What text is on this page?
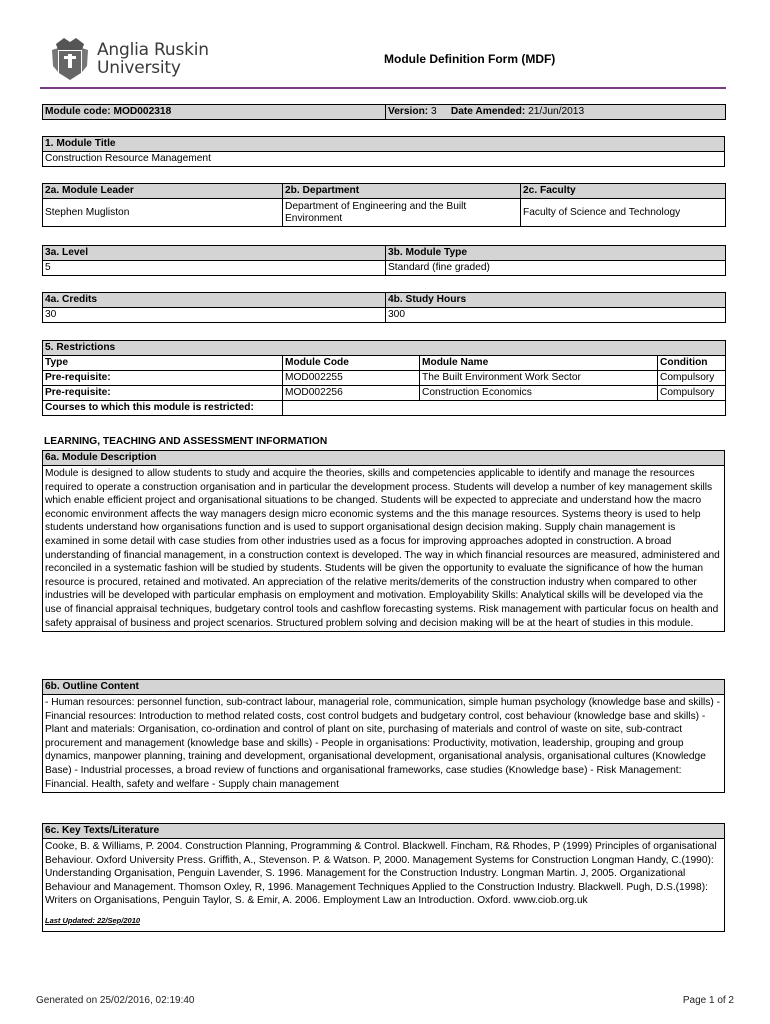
Anglia Ruskin
University	Module Definition Form (MDF)
Module code: MOD002318	Version: 3 Date Amended: 21/Jun/2013
1. Module Title
Construction Resource Management
2a. Module Leader	2b. Department	2c. Faculty
Stephen Mugliston	Department of Engineering and the Built Environment	Faculty of Science and Technology
3a. Level	3b. Module Type
5	Standard (fine graded)
4a. Credits	4b. Study Hours
30	300
5. Restrictions			
Type	Module Code	Module Name	Condition
Pre-requisite:	MOD002255	The Built Environment Work Sector	Compulsory
Pre-requisite:	MOD002256	Construction Economics	Compulsory
Courses to which this module is restricted:			
LEARNING, TEACHING AND ASSESSMENT INFORMATION
6a. Module Description
Module is designed to allow students to study and acquire the theories, skills and competencies applicable to identify and manage the resources required to operate a construction organisation and in particular the development process. Students will develop a number of key management skills which enable efficient project and organisational situations to be changed. Students will be expected to appreciate and understand how the macro economic environment affects the way managers design micro economic systems and the this manage resources. Systems theory is used to help students understand how organisations function and is used to support organisational design decision making. Supply chain management is examined in some detail with case studies from other industries used as a focus for improving approaches adopted in construction. A broad understanding of financial management, in a construction context is developed. The way in which financial resources are measured, administered and reconciled in a systematic fashion will be studied by students. Students will be given the opportunity to evaluate the significance of how the human resource is procured, retained and motivated. An appreciation of the relative merits/demerits of the construction industry when compared to other industries will be developed with particular emphasis on employment and motivation. Employability Skills: Analytical skills will be developed via the use of financial appraisal techniques, budgetary control tools and cashflow forecasting systems. Risk management with particular focus on health and safety appraisal of business and project scenarios. Structured problem solving and decision making will be at the heart of studies in this module.
6b. Outline Content
- Human resources: personnel function, sub-contract labour, managerial role, communication, simple human psychology (knowledge base and skills) - Financial resources: Introduction to method related costs, cost control budgets and budgetary control, cost behaviour (knowledge base and skills) - Plant and materials: Organisation, co-ordination and control of plant on site, purchasing of materials and control of waste on site, sub-contract procurement and management (knowledge base and skills) - People in organisations: Productivity, motivation, leadership, grouping and group dynamics, manpower planning, training and development, organisational development, organisational analysis, organisational cultures (Knowledge Base) - Industrial processes, a broad review of functions and organisational frameworks, case studies (Knowledge base) - Risk Management: Financial. Health, safety and welfare - Supply chain management
6c. Key Texts/Literature

Cooke, B. & Williams, P. 2004. Construction Planning, Programming & Control. Blackwell. Fincham, R& Rhodes, P (1999) Principles of organisational Behaviour. Oxford University Press. Griffith, A., Stevenson. P. & Watson. P, 2000. Management Systems for Construction Longman Handy, C.(1990): Understanding Organisation, Penguin Lavender, S. 1996. Management for the Construction Industry. Longman Martin. J, 2005. Organizational Behaviour and Management. Thomson Oxley, R, 1996. Management Techniques Applied to the Construction Industry. Blackwell. Pugh, D.S.(1998): Writers on Organisations, Penguin Taylor, S. & Emir, A. 2006. Employment Law an Introduction. Oxford. www.ciob.org.uk
Last Updated: 22/Sep/2010
Generated on 25/02/2016, 02:19:40	Page 1 of 2
